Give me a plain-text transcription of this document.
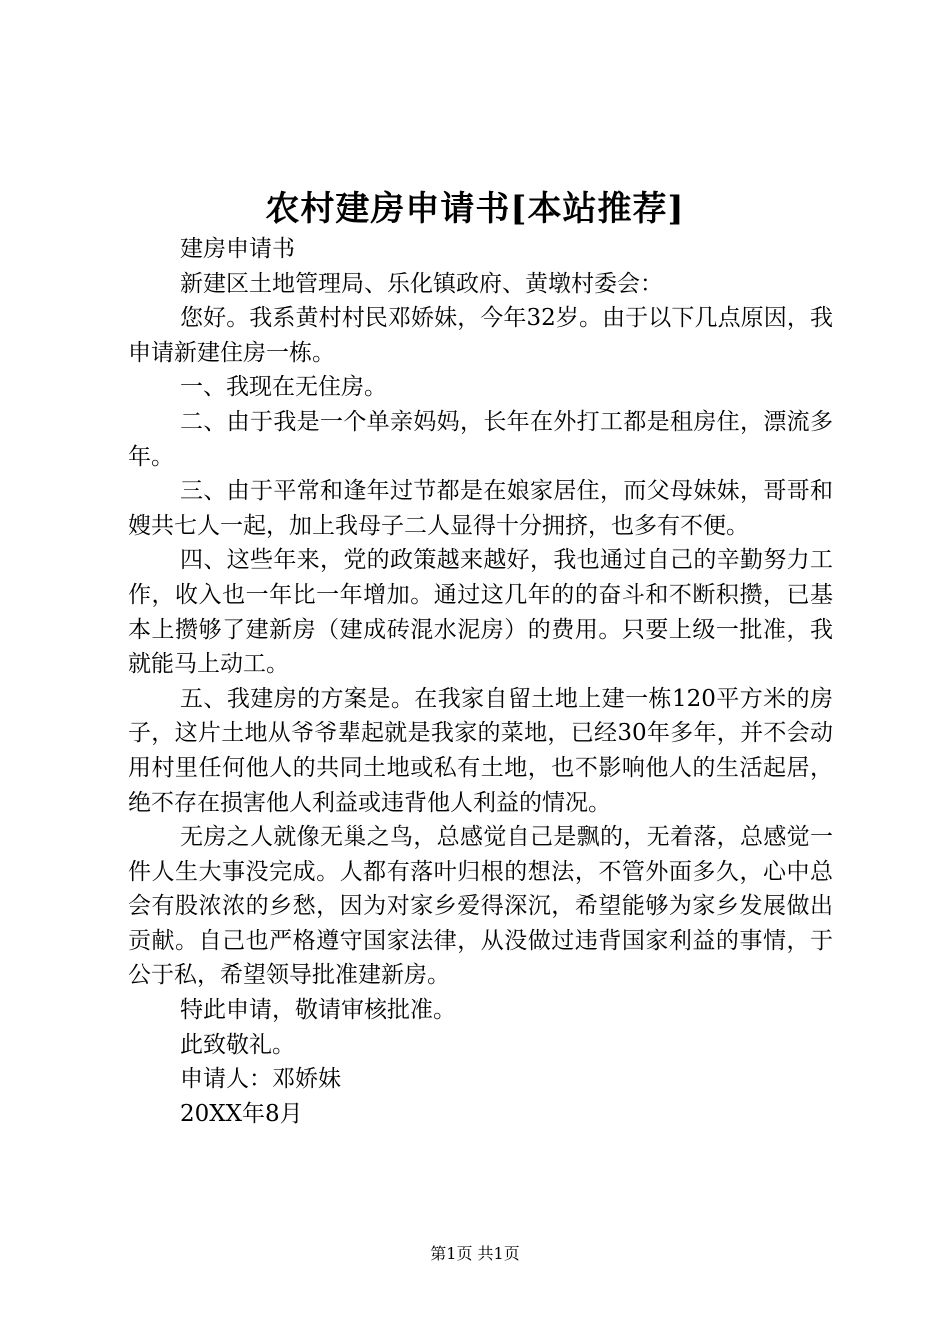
农村建房申请书[本站推荐]

建房申请书

新建区土地管理局、乐化镇政府、黄墩村委会：

您好。我系黄村村民邓娇妹，今年32岁。由于以下几点原因，我申请新建住房一栋。

一、我现在无住房。

二、由于我是一个单亲妈妈，长年在外打工都是租房住，漂流多年。

三、由于平常和逢年过节都是在娘家居住，而父母妹妹，哥哥和嫂共七人一起，加上我母子二人显得十分拥挤，也多有不便。

四、这些年来，党的政策越来越好，我也通过自己的辛勤努力工作，收入也一年比一年增加。通过这几年的的奋斗和不断积攒，已基本上攒够了建新房（建成砖混水泥房）的费用。只要上级一批准，我就能马上动工。

五、我建房的方案是。在我家自留土地上建一栋120平方米的房子，这片土地从爷爷辈起就是我家的菜地，已经30年多年，并不会动用村里任何他人的共同土地或私有土地，也不影响他人的生活起居，绝不存在损害他人利益或违背他人利益的情况。

无房之人就像无巢之鸟，总感觉自己是飘的，无着落，总感觉一件人生大事没完成。人都有落叶归根的想法，不管外面多久，心中总会有股浓浓的乡愁，因为对家乡爱得深沉，希望能够为家乡发展做出贡献。自己也严格遵守国家法律，从没做过违背国家利益的事情，于公于私，希望领导批准建新房。

特此申请，敬请审核批准。

此致敬礼。

申请人：邓娇妹

20XX年8月

第1页 共1页
